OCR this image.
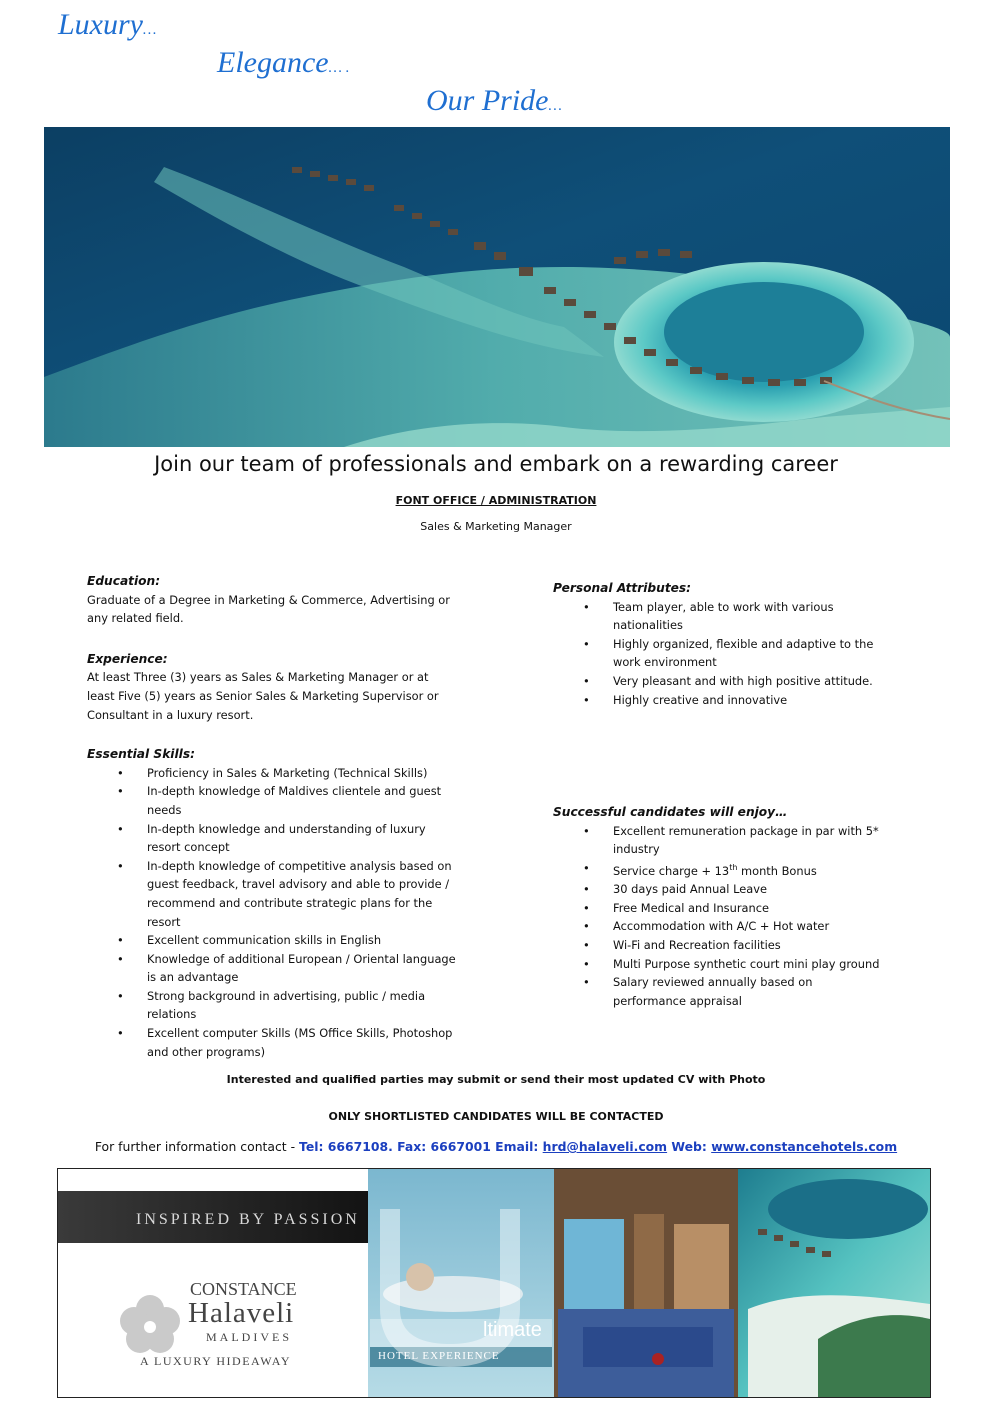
Luxury…
Elegance… .
Our Pride…
Join our team of professionals and embark on a rewarding career
FONT OFFICE / ADMINISTRATION
Sales & Marketing Manager
Education:

Graduate of a Degree in Marketing & Commerce, Advertising or any related field.

Experience:

At least Three (3) years as Sales & Marketing Manager or at least Five (5) years as Senior Sales & Marketing Supervisor or Consultant in a luxury resort.

Essential Skills:
• Proficiency in Sales & Marketing (Technical Skills)
• In-depth knowledge of Maldives clientele and guest needs
• In-depth knowledge and understanding of luxury resort concept
• In-depth knowledge of competitive analysis based on guest feedback, travel advisory and able to provide / recommend and contribute strategic plans for the resort
• Excellent communication skills in English
• Knowledge of additional European / Oriental language is an advantage
• Strong background in advertising, public / media relations
• Excellent computer Skills (MS Office Skills, Photoshop and other programs)
Personal Attributes:
• Team player, able to work with various nationalities
• Highly organized, flexible and adaptive to the work environment
• Very pleasant and with high positive attitude.
• Highly creative and innovative
Successful candidates will enjoy…
• Excellent remuneration package in par with 5* industry
• Service charge + 13th month Bonus
• 30 days paid Annual Leave
• Free Medical and Insurance
• Accommodation with A/C + Hot water
• Wi-Fi and Recreation facilities
• Multi Purpose synthetic court mini play ground
• Salary reviewed annually based on performance appraisal
Interested and qualified parties may submit or send their most updated CV with Photo
ONLY SHORTLISTED CANDIDATES WILL BE CONTACTED
For further information contact - Tel: 6667108. Fax: 6667001 Email: hrd@halaveli.com Web: www.constancehotels.com
INSPIRED BY PASSION
CONSTANCE
Halaveli
MALDIVES
A LUXURY HIDEAWAY
ltimate
HOTEL EXPERIENCE
